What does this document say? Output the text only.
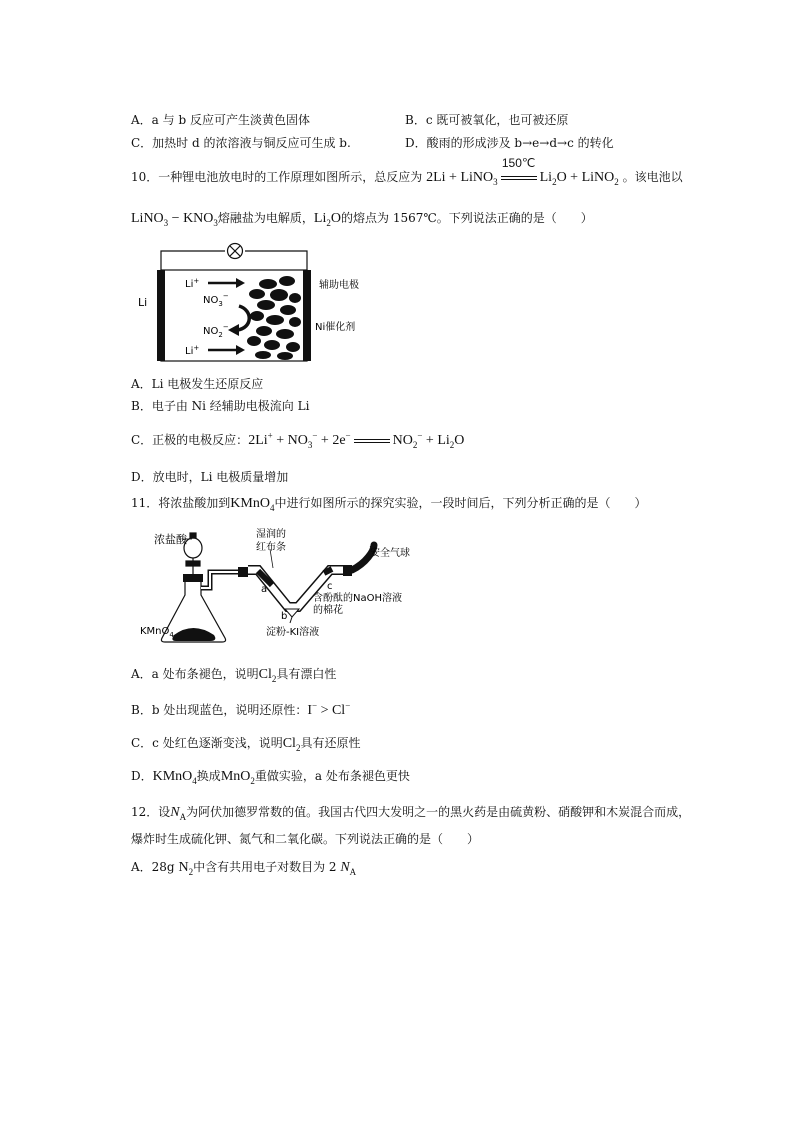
A．a 与 b 反应可产生淡黄色固体	B．c 既可被氧化，也可被还原
C．加热时 d 的浓溶液与铜反应可生成 b.	D．酸雨的形成涉及 b→e→d→c 的转化
10．一种锂电池放电时的工作原理如图所示，总反应为 2Li + LiNO$_3$
150℃
$Li_2O$ + LiNO$_2$ 。该电池以
LiNO$_3$ − $KNO_3$熔融盐为电解质，$Li_2O$的熔点为 1567℃。下列说法正确的是（　　）
Li
Li+
$NO_3^-$
$NO_2^-$
Li+
辅助电极
Ni催化剂
A．Li 电极发生还原反应
B．电子由 Ni 经辅助电极流向 Li
C．正极的电极反应：$2Li^+ + NO_3^- + 2e^-$	$NO_2^- + Li_2O$
D．放电时，Li 电极质量增加
11．将浓盐酸加到KMnO$_4$中进行如图所示的探究实验，一段时间后，下列分析正确的是（　　）
浓盐酸	湿润的
红布条
安全气球
a
b
c
含酚酞的NaOH溶液
的棉花
KMnO$_4$	淀粉-KI溶液
A．a 处布条褪色，说明$Cl_2$具有漂白性
B．b 处出现蓝色，说明还原性：I− > Cl−
C．c 处红色逐渐变浅，说明$Cl_2$具有还原性
D．KMnO$_4$换成MnO$_2$重做实验，a 处布条褪色更快
12．设$N_A$为阿伏加德罗常数的值。我国古代四大发明之一的黑火药是由硫黄粉、硝酸钾和木炭混合而成，
爆炸时生成硫化钾、氮气和二氧化碳。下列说法正确的是（　　）
A．28g $N_2$中含有共用电子对数目为 2 $N_A$
